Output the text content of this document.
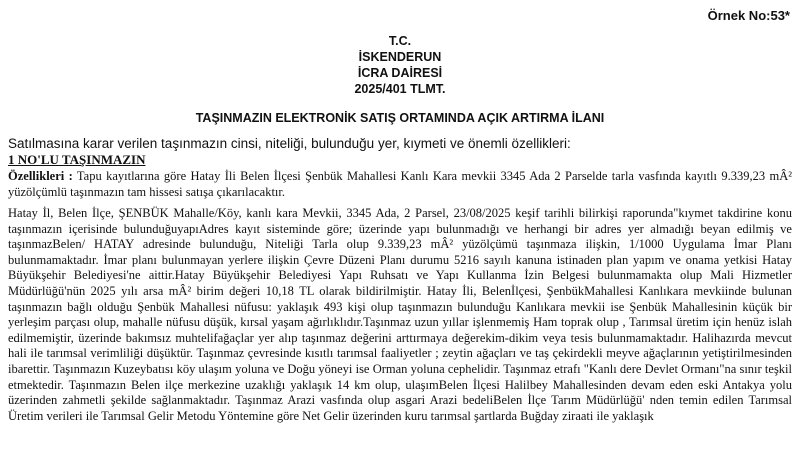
Örnek No:53*
T.C.
İSKENDERUN
İCRA DAİRESİ
2025/401 TLMT.
TAŞINMAZIN ELEKTRONİK SATIŞ ORTAMINDA AÇIK ARTIRMA İLANI
Satılmasına karar verilen taşınmazın cinsi, niteliği, bulunduğu yer, kıymeti ve önemli özellikleri:
1 NO'LU TAŞINMAZIN
Özellikleri : Tapu kayıtlarına göre Hatay İli Belen İlçesi Şenbük Mahallesi Kanlı Kara mevkii 3345 Ada 2 Parselde tarla vasfında kayıtlı 9.339,23 mÂ² yüzölçümlü taşınmazın tam hissesi satışa çıkarılacaktır.
Hatay İl, Belen İlçe, ŞENBÜK Mahalle/Köy, kanlı kara Mevkii, 3345 Ada, 2 Parsel, 23/08/2025 keşif tarihli bilirkişi raporunda"kıymet takdirine konu taşınmazın içerisinde bulunduğuyapıAdres kayıt sisteminde göre; üzerinde yapı bulunmadığı ve herhangi bir adres yer almadığı beyan edilmiş ve taşınmazBelen/ HATAY adresinde bulunduğu, Niteliği Tarla olup 9.339,23 mÂ² yüzölçümü taşınmaza ilişkin, 1/1000 Uygulama İmar Planı bulunmamaktadır. İmar planı bulunmayan yerlere ilişkin Çevre Düzeni Planı durumu 5216 sayılı kanuna istinaden plan yapım ve onama yetkisi Hatay Büyükşehir Belediyesi'ne aittir.Hatay Büyükşehir Belediyesi Yapı Ruhsatı ve Yapı Kullanma İzin Belgesi bulunmamakta olup Mali Hizmetler Müdürlüğü'nün 2025 yılı arsa mÂ² birim değeri 10,18 TL olarak bildirilmiştir. Hatay İli, Belenİlçesi, ŞenbükMahallesi Kanlıkara mevkiinde bulunan taşınmazın bağlı olduğu Şenbük Mahallesi nüfusu: yaklaşık 493 kişi olup taşınmazın bulunduğu Kanlıkara mevkii ise Şenbük Mahallesinin küçük bir yerleşim parçası olup, mahalle nüfusu düşük, kırsal yaşam ağırlıklıdır.Taşınmaz uzun yıllar işlenmemiş Ham toprak olup , Tarımsal üretim için henüz islah edilmemiştir, üzerinde bakımsız muhtelifağaçlar yer alıp taşınmaz değerini arttırmaya değerekim-dikim veya tesis bulunmamaktadır. Halihazırda mevcut hali ile tarımsal verimliliği düşüktür. Taşınmaz çevresinde kısıtlı tarımsal faaliyetler ; zeytin ağaçları ve taş çekirdekli meyve ağaçlarının yetiştirilmesinden ibarettir. Taşınmazın Kuzeybatısı köy ulaşım yoluna ve Doğu yöneyi ise Orman yoluna cephelidir. Taşınmaz etrafı "Kanlı dere Devlet Ormanı"na sınır teşkil etmektedir. Taşınmazın Belen ilçe merkezine uzaklığı yaklaşık 14 km olup, ulaşımBelen İlçesi Halilbey Mahallesinden devam eden eski Antakya yolu üzerinden zahmetli şekilde sağlanmaktadır. Taşınmaz Arazi vasfında olup asgari Arazi bedeliBelen İlçe Tarım Müdürlüğü' nden temin edilen Tarımsal Üretim verileri ile Tarımsal Gelir Metodu Yöntemine göre Net Gelir üzerinden kuru tarımsal şartlarda Buğday ziraati ile yaklaşık
